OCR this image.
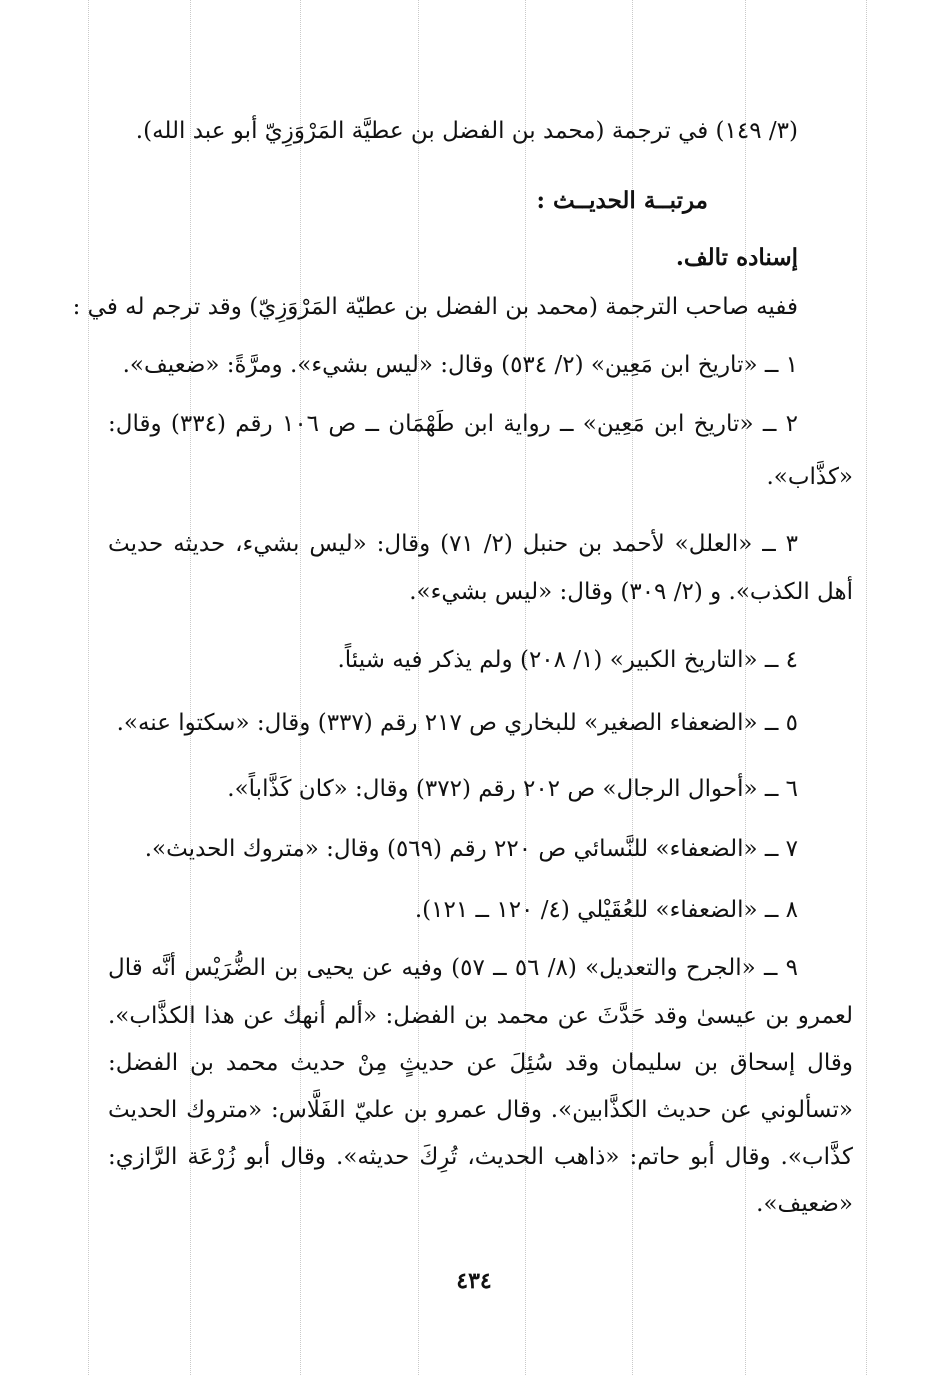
(٣/ ١٤٩) في ترجمة (محمد بن الفضل بن عطيَّة المَرْوَزِيّ أبو عبد الله).

مرتبــة الحديــث :

إسناده تالف.

ففيه صاحب الترجمة (محمد بن الفضل بن عطيّة المَرْوَزِيّ) وقد ترجم له في :

١ ــ «تاريخ ابن مَعِين» (٢/ ٥٣٤) وقال: «ليس بشيء». ومرَّةً: «ضعيف».

٢ ــ «تاريخ ابن مَعِين» ــ رواية ابن طَهْمَان ــ ص ١٠٦ رقم (٣٣٤) وقال:

«كذَّاب».

٣ ــ «العلل» لأحمد بن حنبل (٢/ ٧١) وقال: «ليس بشيء، حديثه حديث

أهل الكذب». و (٢/ ٣٠٩) وقال: «ليس بشيء».

٤ ــ «التاريخ الكبير» (١/ ٢٠٨) ولم يذكر فيه شيئاً.

٥ ــ «الضعفاء الصغير» للبخاري ص ٢١٧ رقم (٣٣٧) وقال: «سكتوا عنه».

٦ ــ «أحوال الرجال» ص ٢٠٢ رقم (٣٧٢) وقال: «كان كَذَّاباً».

٧ ــ «الضعفاء» للنَّسائي ص ٢٢٠ رقم (٥٦٩) وقال: «متروك الحديث».

٨ ــ «الضعفاء» للعُقَيْلي (٤/ ١٢٠ ــ ١٢١).

٩ ــ «الجرح والتعديل» (٨/ ٥٦ ــ ٥٧) وفيه عن يحيى بن الضُّرَيْس أنَّه قال

لعمرو بن عيسىٰ وقد حَدَّثَ عن محمد بن الفضل: «ألم أنهك عن هذا الكذَّاب».

وقال إسحاق بن سليمان وقد سُئِلَ عن حديثٍ مِنْ حديث محمد بن الفضل:

«تسألوني عن حديث الكذَّابين». وقال عمرو بن عليّ الفَلَّاس: «متروك الحديث

كذَّاب». وقال أبو حاتم: «ذاهب الحديث، تُرِكَ حديثه». وقال أبو زُرْعَة الرَّازي:

«ضعيف».

٤٣٤
